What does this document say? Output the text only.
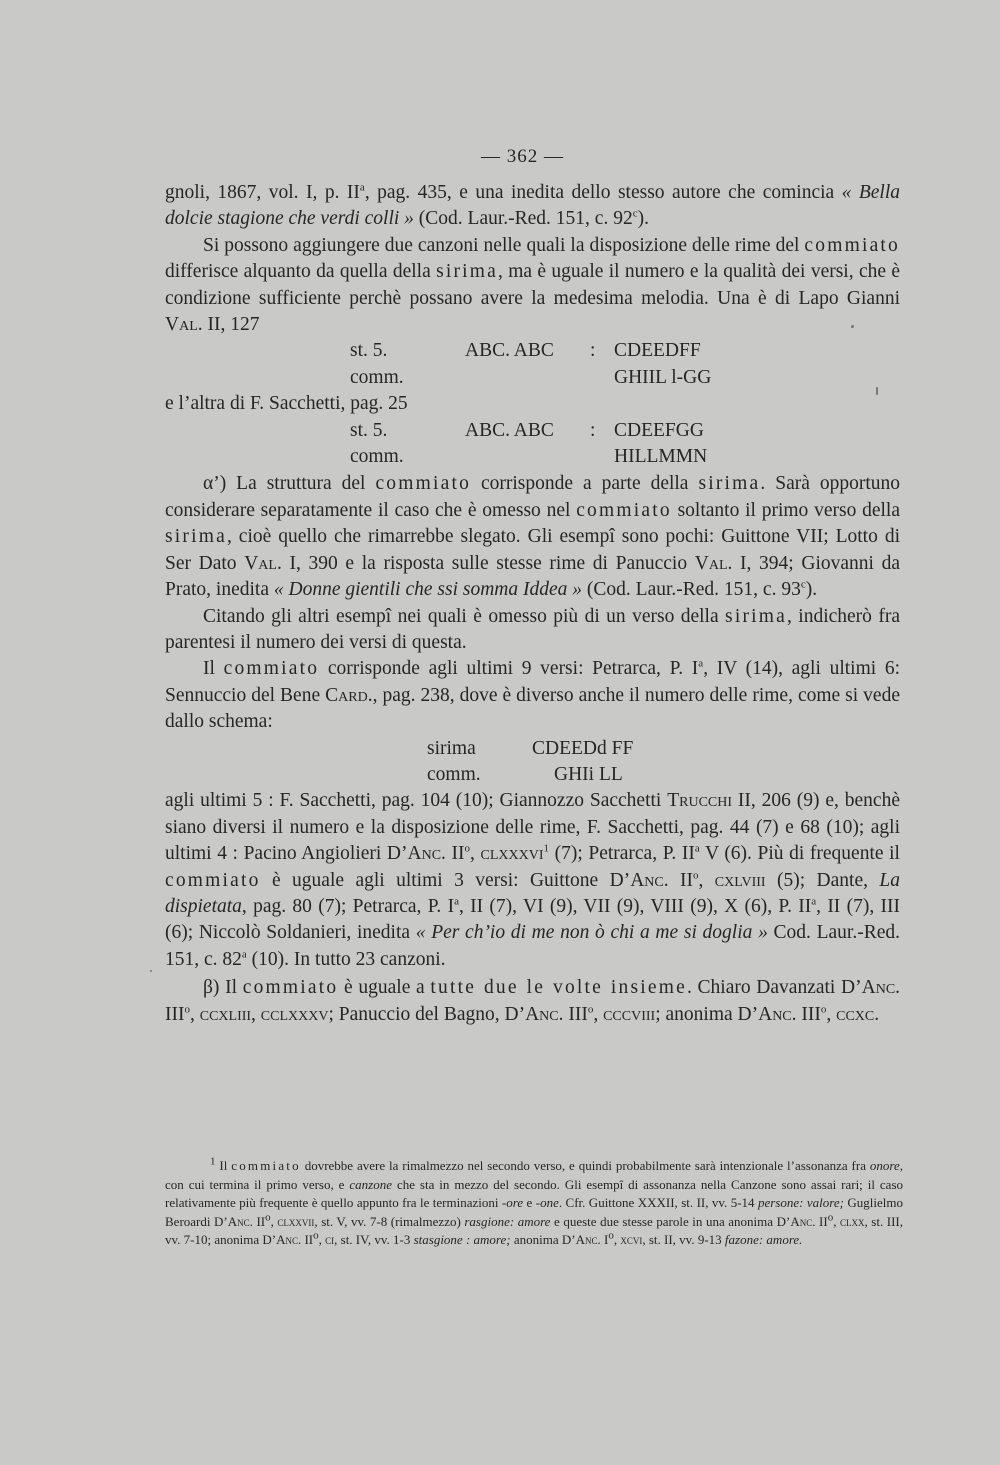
— 362 —

gnoli, 1867, vol. I, p. $II^a$, pag. 435, e una inedita dello stesso autore che comincia « Bella dolcie stagione che verdi colli » (Cod. Laur.-Red. 151, c. 92$^c$).

Si possono aggiungere due canzoni nelle quali la disposizione delle rime del commiato differisce alquanto da quella della sirima, ma è uguale il numero e la qualità dei versi, che è condizione sufficiente perchè possano avere la medesima melodia. Una è di Lapo Gianni Val. II, 127

st. 5.	ABC. ABC	: CDEEDFF
comm.	GHIIL l-GG

e l’altra di F. Sacchetti, pag. 25

st. 5.	ABC. ABC	: CDEEFGG
comm.	HILLMMN

α’) La struttura del commiato corrisponde a parte della sirima. Sarà opportuno considerare separatamente il caso che è omesso nel commiato soltanto il primo verso della sirima, cioè quello che rimarrebbe slegato. Gli esempî sono pochi: Guittone VII; Lotto di Ser Dato Val. I, 390 e la risposta sulle stesse rime di Panuccio Val. I, 394; Giovanni da Prato, inedita « Donne gientili che ssi somma Iddea » (Cod. Laur.-Red. 151, c. 93$^c$).

Citando gli altri esempî nei quali è omesso più di un verso della sirima, indicherò fra parentesi il numero dei versi di questa.

Il commiato corrisponde agli ultimi 9 versi: Petrarca, P. $I^a$, IV (14), agli ultimi 6: Sennuccio del Bene Card., pag. 238, dove è diverso anche il numero delle rime, come si vede dallo schema:

sirima	CDEEDd FF
comm.	GHIi LL

agli ultimi 5 : F. Sacchetti, pag. 104 (10); Giannozzo Sacchetti Trucchi II, 206 (9) e, benchè siano diversi il numero e la disposizione delle rime, F. Sacchetti, pag. 44 (7) e 68 (10); agli ultimi 4 : Pacino Angiolieri D’Anc. $II^o$, clxxxvi$^1$ (7); Petrarca, P. $II^a$ V (6). Più di frequente il commiato è uguale agli ultimi 3 versi: Guittone D’Anc. $II^o$, cxlviii (5); Dante, La dispietata, pag. 80 (7); Petrarca, P. $I^a$, II (7), VI (9), VII (9), VIII (9), X (6), P. $II^a$, II (7), III (6); Niccolò Soldanieri, inedita « Per ch’io di me non ò chi a me si doglia » Cod. Laur.-Red. 151, c. 82$^a$ (10). In tutto 23 canzoni.

β) Il commiato è uguale a tutte due le volte insieme. Chiaro Davanzati D’Anc. III$^o$, ccxliii, cclxxxv; Panuccio del Bagno, D’Anc. III$^o$, cccviii; anonima D’Anc. III$^o$, ccxc.

$^1$ Il commiato dovrebbe avere la rimalmezzo nel secondo verso, e quindi probabilmente sarà intenzionale l’assonanza fra onore, con cui termina il primo verso, e canzone che sta in mezzo del secondo. Gli esempî di assonanza nella Canzone sono assai rari; il caso relativamente più frequente è quello appunto fra le terminazioni -ore e -one. Cfr. Guittone XXXII, st. II, vv. 5-14 persone: valore; Guglielmo Beroardi D’Anc. $II^o$, clxxvii, st. V, vv. 7-8 (rimalmezzo) rasgione: amore e queste due stesse parole in una anonima D’Anc. $II^o$, clxx, st. III, vv. 7-10; anonima D’Anc. $II^o$, ci, st. IV, vv. 1-3 stasgione : amore; anonima D’Anc. $I^o$, xcvi, st. II, vv. 9-13 fazone: amore.
